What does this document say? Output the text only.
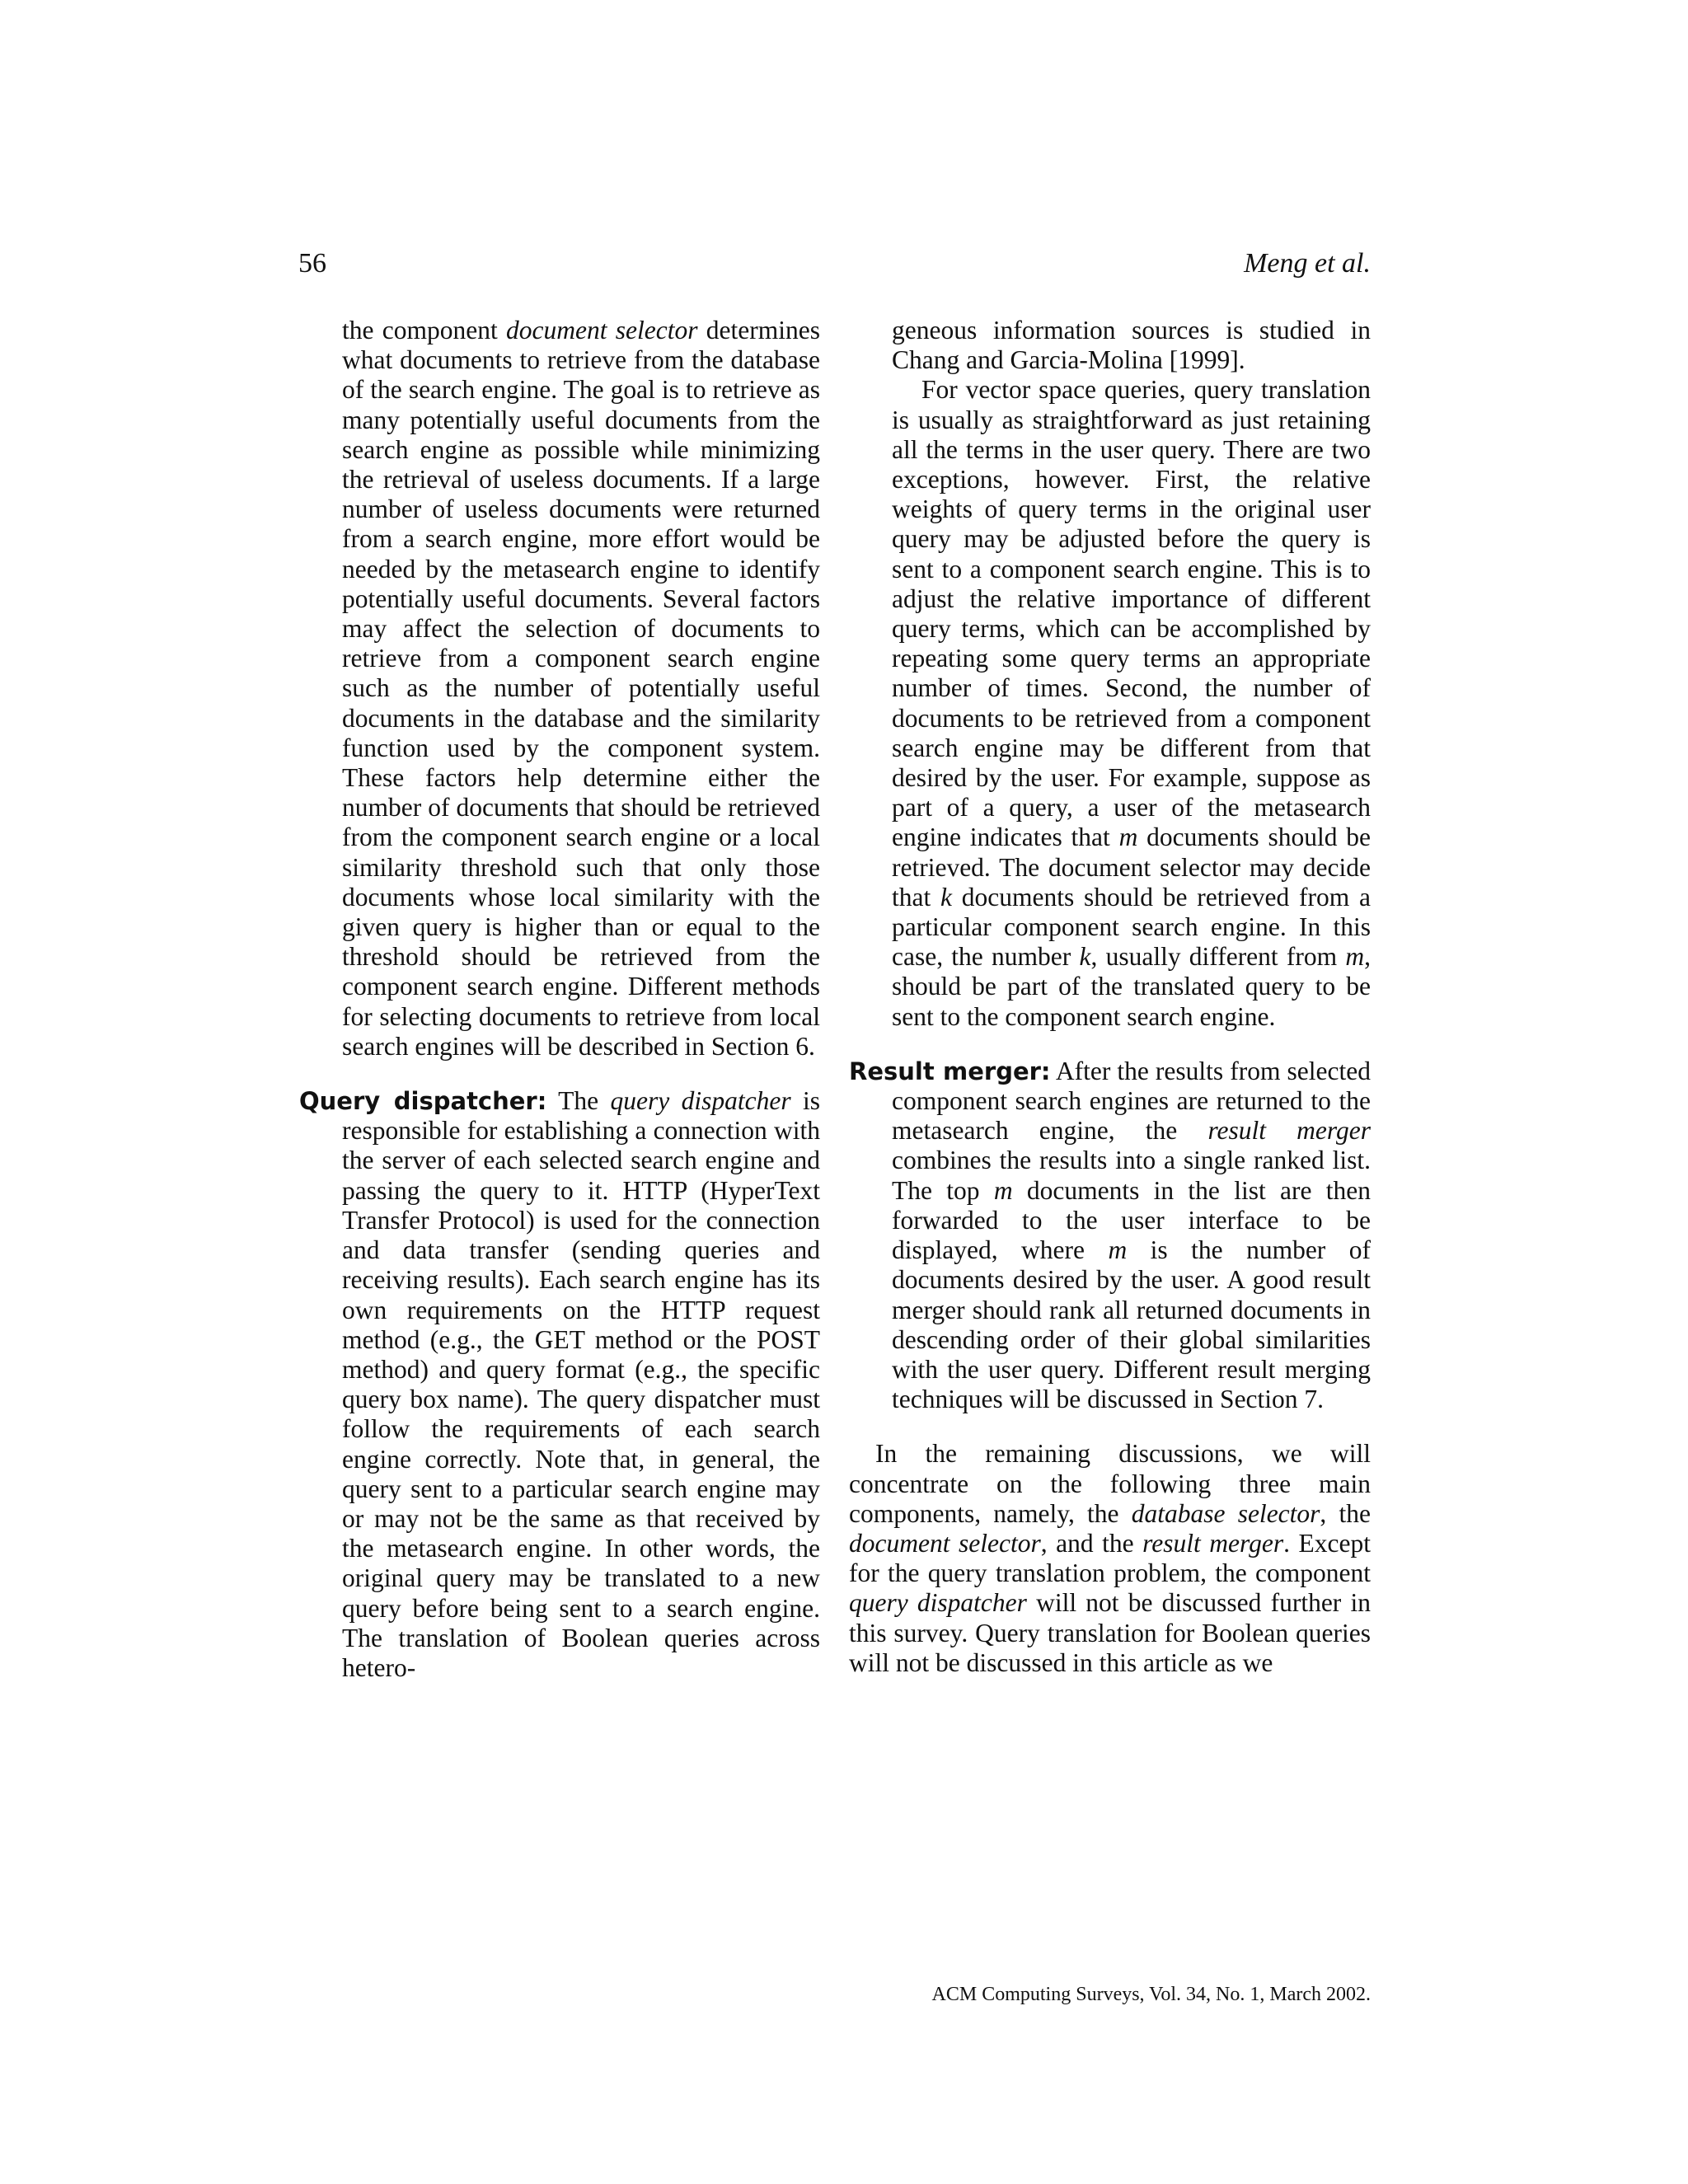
56	Meng et al.

the component document selector determines what documents to retrieve from the database of the search engine. The goal is to retrieve as many potentially useful documents from the search engine as possible while minimizing the retrieval of useless documents. If a large number of useless documents were returned from a search engine, more effort would be needed by the metasearch engine to identify potentially useful documents. Several factors may affect the selection of documents to retrieve from a component search engine such as the number of potentially useful documents in the database and the similarity function used by the component system. These factors help determine either the number of documents that should be retrieved from the component search engine or a local similarity threshold such that only those documents whose local similarity with the given query is higher than or equal to the threshold should be retrieved from the component search engine. Different methods for selecting documents to retrieve from local search engines will be described in Section 6.

Query dispatcher: The query dispatcher is responsible for establishing a connection with the server of each selected search engine and passing the query to it. HTTP (HyperText Transfer Protocol) is used for the connection and data transfer (sending queries and receiving results). Each search engine has its own requirements on the HTTP request method (e.g., the GET method or the POST method) and query format (e.g., the specific query box name). The query dispatcher must follow the requirements of each search engine correctly. Note that, in general, the query sent to a particular search engine may or may not be the same as that received by the metasearch engine. In other words, the original query may be translated to a new query before being sent to a search engine. The translation of Boolean queries across hetero-

geneous information sources is studied in Chang and Garcia-Molina [1999].

For vector space queries, query translation is usually as straightforward as just retaining all the terms in the user query. There are two exceptions, however. First, the relative weights of query terms in the original user query may be adjusted before the query is sent to a component search engine. This is to adjust the relative importance of different query terms, which can be accomplished by repeating some query terms an appropriate number of times. Second, the number of documents to be retrieved from a component search engine may be different from that desired by the user. For example, suppose as part of a query, a user of the metasearch engine indicates that m documents should be retrieved. The document selector may decide that k documents should be retrieved from a particular component search engine. In this case, the number k, usually different from m, should be part of the translated query to be sent to the component search engine.

Result merger: After the results from selected component search engines are returned to the metasearch engine, the result merger combines the results into a single ranked list. The top m documents in the list are then forwarded to the user interface to be displayed, where m is the number of documents desired by the user. A good result merger should rank all returned documents in descending order of their global similarities with the user query. Different result merging techniques will be discussed in Section 7.

In the remaining discussions, we will concentrate on the following three main components, namely, the database selector, the document selector, and the result merger. Except for the query translation problem, the component query dispatcher will not be discussed further in this survey. Query translation for Boolean queries will not be discussed in this article as we

ACM Computing Surveys, Vol. 34, No. 1, March 2002.
